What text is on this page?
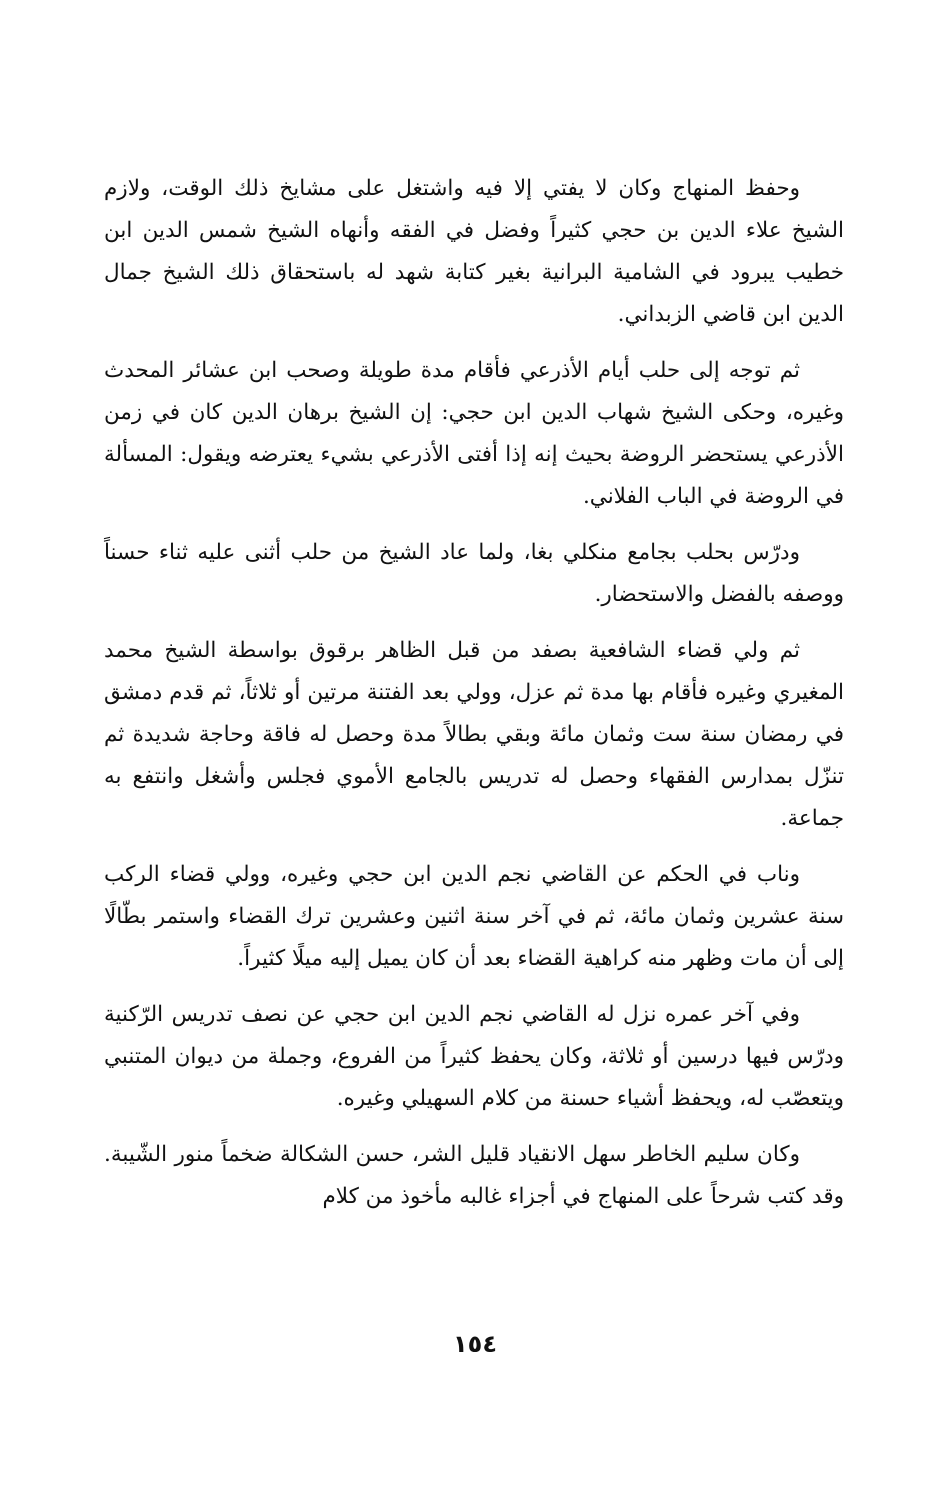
وحفظ المنهاج وكان لا يفتي إلا فيه واشتغل على مشايخ ذلك الوقت، ولازم الشيخ علاء الدين بن حجي كثيراً وفضل في الفقه وأنهاه الشيخ شمس الدين ابن خطيب يبرود في الشامية البرانية بغير كتابة شهد له باستحقاق ذلك الشيخ جمال الدين ابن قاضي الزبداني.

ثم توجه إلى حلب أيام الأذرعي فأقام مدة طويلة وصحب ابن عشائر المحدث وغيره، وحكى الشيخ شهاب الدين ابن حجي: إن الشيخ برهان الدين كان في زمن الأذرعي يستحضر الروضة بحيث إنه إذا أفتى الأذرعي بشيء يعترضه ويقول: المسألة في الروضة في الباب الفلاني.

ودرّس بحلب بجامع منكلي بغا، ولما عاد الشيخ من حلب أثنى عليه ثناء حسناً ووصفه بالفضل والاستحضار.

ثم ولي قضاء الشافعية بصفد من قبل الظاهر برقوق بواسطة الشيخ محمد المغيري وغيره فأقام بها مدة ثم عزل، وولي بعد الفتنة مرتين أو ثلاثاً، ثم قدم دمشق في رمضان سنة ست وثمان مائة وبقي بطالاً مدة وحصل له فاقة وحاجة شديدة ثم تنزّل بمدارس الفقهاء وحصل له تدريس بالجامع الأموي فجلس وأشغل وانتفع به جماعة.

وناب في الحكم عن القاضي نجم الدين ابن حجي وغيره، وولي قضاء الركب سنة عشرين وثمان مائة، ثم في آخر سنة اثنين وعشرين ترك القضاء واستمر بطّالًا إلى أن مات وظهر منه كراهية القضاء بعد أن كان يميل إليه ميلًا كثيراً.

وفي آخر عمره نزل له القاضي نجم الدين ابن حجي عن نصف تدريس الرّكنية ودرّس فيها درسين أو ثلاثة، وكان يحفظ كثيراً من الفروع، وجملة من ديوان المتنبي ويتعصّب له، ويحفظ أشياء حسنة من كلام السهيلي وغيره.

وكان سليم الخاطر سهل الانقياد قليل الشر، حسن الشكالة ضخماً منور الشّيبة. وقد كتب شرحاً على المنهاج في أجزاء غالبه مأخوذ من كلام

١٥٤
